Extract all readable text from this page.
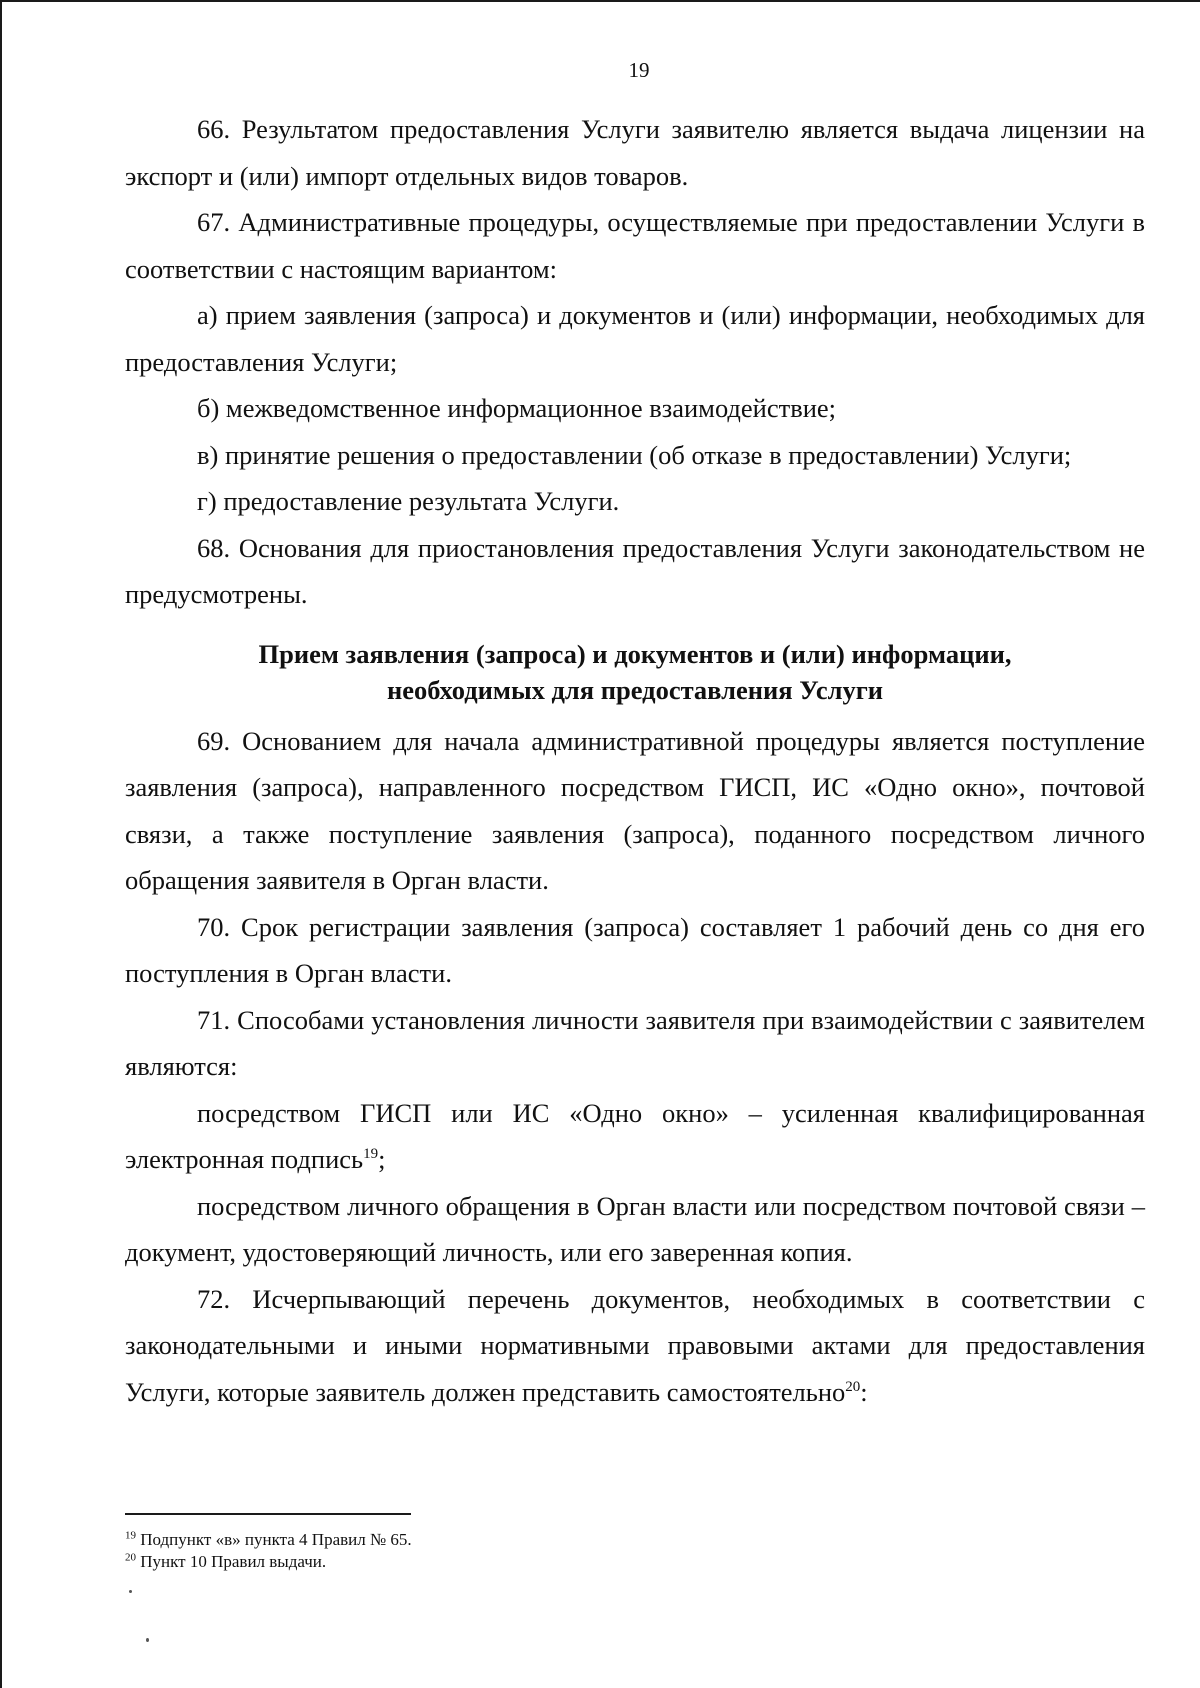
19

66. Результатом предоставления Услуги заявителю является выдача лицензии на экспорт и (или) импорт отдельных видов товаров.

67. Административные процедуры, осуществляемые при предоставлении Услуги в соответствии с настоящим вариантом:

а) прием заявления (запроса) и документов и (или) информации, необходимых для предоставления Услуги;

б) межведомственное информационное взаимодействие;

в) принятие решения о предоставлении (об отказе в предоставлении) Услуги;

г) предоставление результата Услуги.

68. Основания для приостановления предоставления Услуги законодательством не предусмотрены.

Прием заявления (запроса) и документов и (или) информации,
необходимых для предоставления Услуги

69. Основанием для начала административной процедуры является поступление заявления (запроса), направленного посредством ГИСП, ИС «Одно окно», почтовой связи, а также поступление заявления (запроса), поданного посредством личного обращения заявителя в Орган власти.

70. Срок регистрации заявления (запроса) составляет 1 рабочий день со дня его поступления в Орган власти.

71. Способами установления личности заявителя при взаимодействии с заявителем являются:

посредством ГИСП или ИС «Одно окно» – усиленная квалифицированная электронная подпись$^{19}$;

посредством личного обращения в Орган власти или посредством почтовой связи – документ, удостоверяющий личность, или его заверенная копия.

72. Исчерпывающий перечень документов, необходимых в соответствии с законодательными и иными нормативными правовыми актами для предоставления Услуги, которые заявитель должен представить самостоятельно$^{20}$:

$^{19}$ Подпункт «в» пункта 4 Правил № 65.
$^{20}$ Пункт 10 Правил выдачи.
